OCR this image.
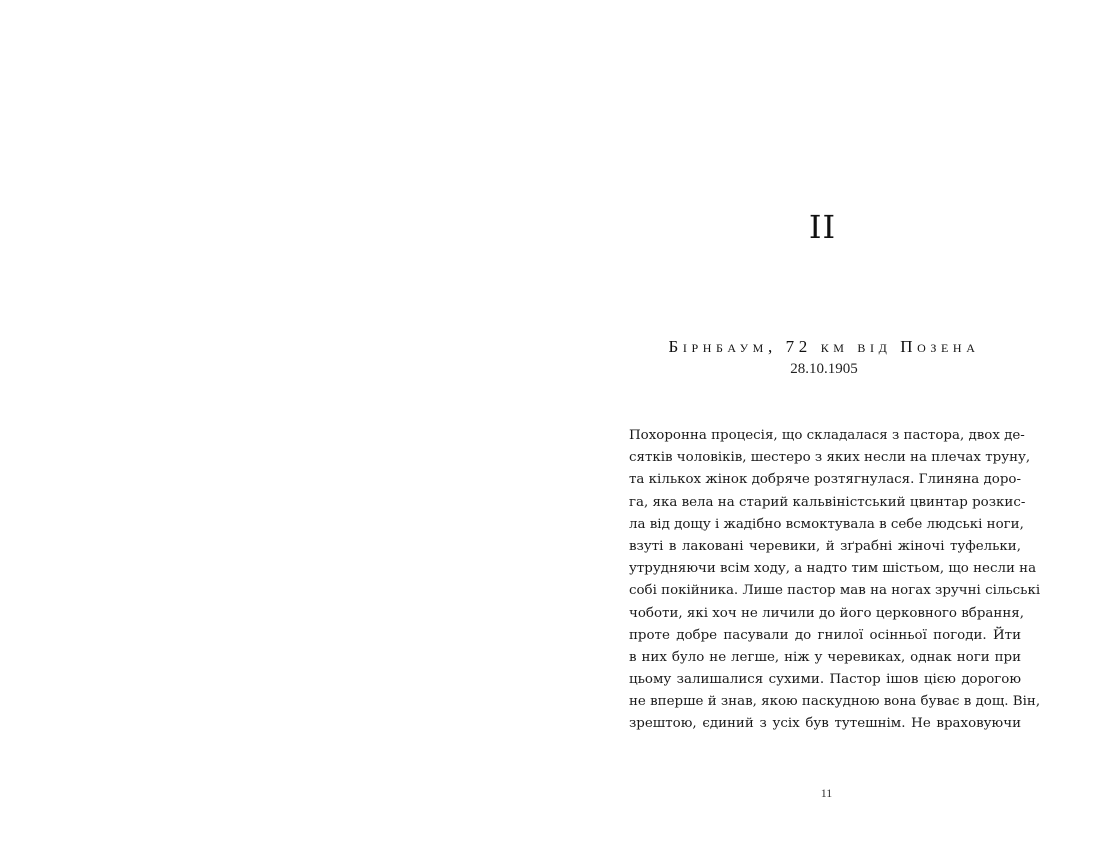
II
Бірнбаум, 72 км від Позена
28.10.1905
Похоронна процесія, що складалася з пастора, двох де-
сятків чоловіків, шестеро з яких несли на плечах труну,
та кількох жінок добряче розтягнулася. Глиняна доро-
га, яка вела на старий кальвіністський цвинтар розкис-
ла від дощу і жадібно всмоктувала в себе людські ноги,
взуті в лаковані черевики, й зґрабні жіночі туфельки,
утрудняючи всім ходу, а надто тим шістьом, що несли на
собі покійника. Лише пастор мав на ногах зручні сільські
чоботи, які хоч не личили до його церковного вбрання,
проте добре пасували до гнилої осінньої погоди. Йти
в них було не легше, ніж у черевиках, однак ноги при
цьому залишалися сухими. Пастор ішов цією дорогою
не вперше й знав, якою паскудною вона буває в дощ. Він,
зрештою, єдиний з усіх був тутешнім. Не враховуючи
11
